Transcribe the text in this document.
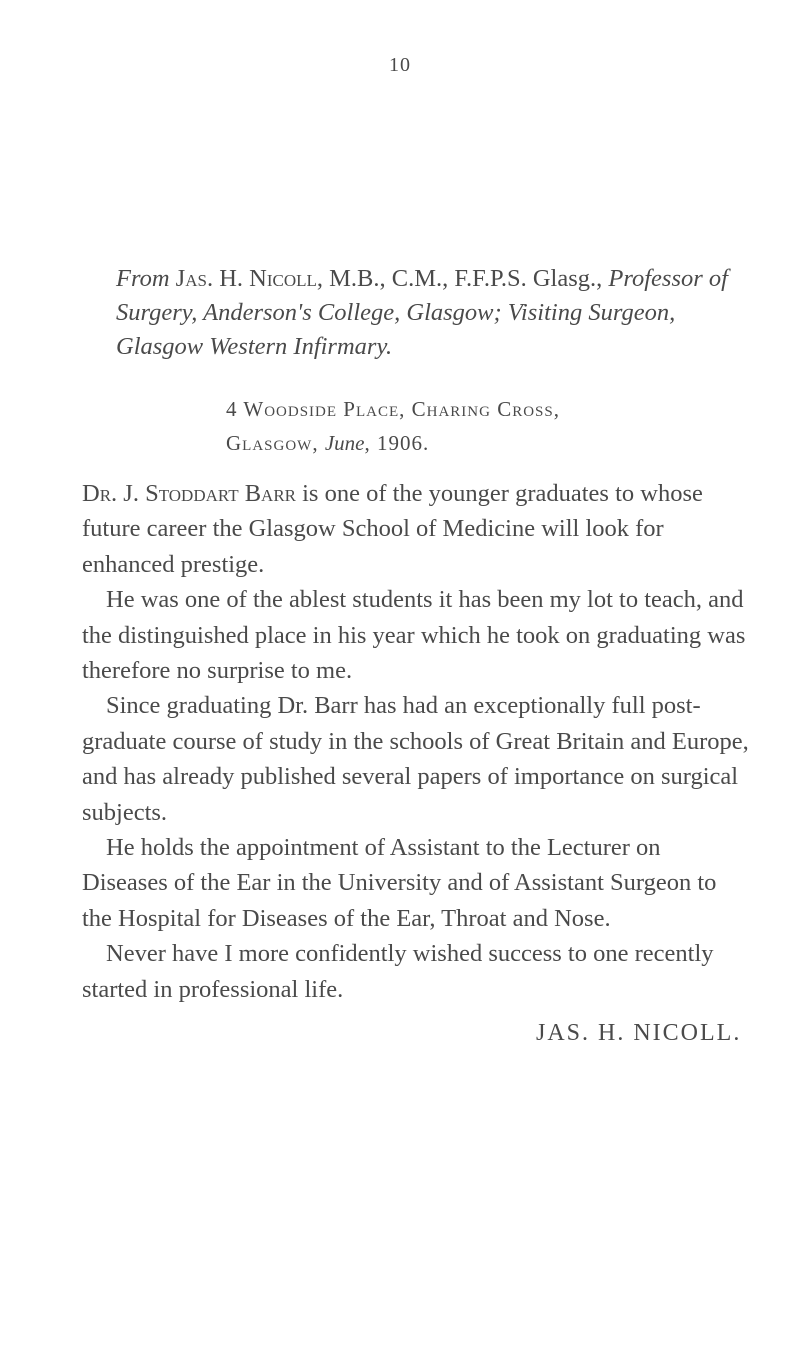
10
From Jas. H. Nicoll, M.B., C.M., F.F.P.S. Glasg., Professor of Surgery, Anderson's College, Glasgow; Visiting Surgeon, Glasgow Western Infirmary.
4 Woodside Place, Charing Cross,
Glasgow, June, 1906.

Dr. J. Stoddart Barr is one of the younger graduates to whose future career the Glasgow School of Medicine will look for enhanced prestige.

He was one of the ablest students it has been my lot to teach, and the distinguished place in his year which he took on graduating was therefore no surprise to me.

Since graduating Dr. Barr has had an exceptionally full post-graduate course of study in the schools of Great Britain and Europe, and has already published several papers of importance on surgical subjects.

He holds the appointment of Assistant to the Lecturer on Diseases of the Ear in the University and of Assistant Surgeon to the Hospital for Diseases of the Ear, Throat and Nose.

Never have I more confidently wished success to one recently started in professional life.

JAS. H. NICOLL.
